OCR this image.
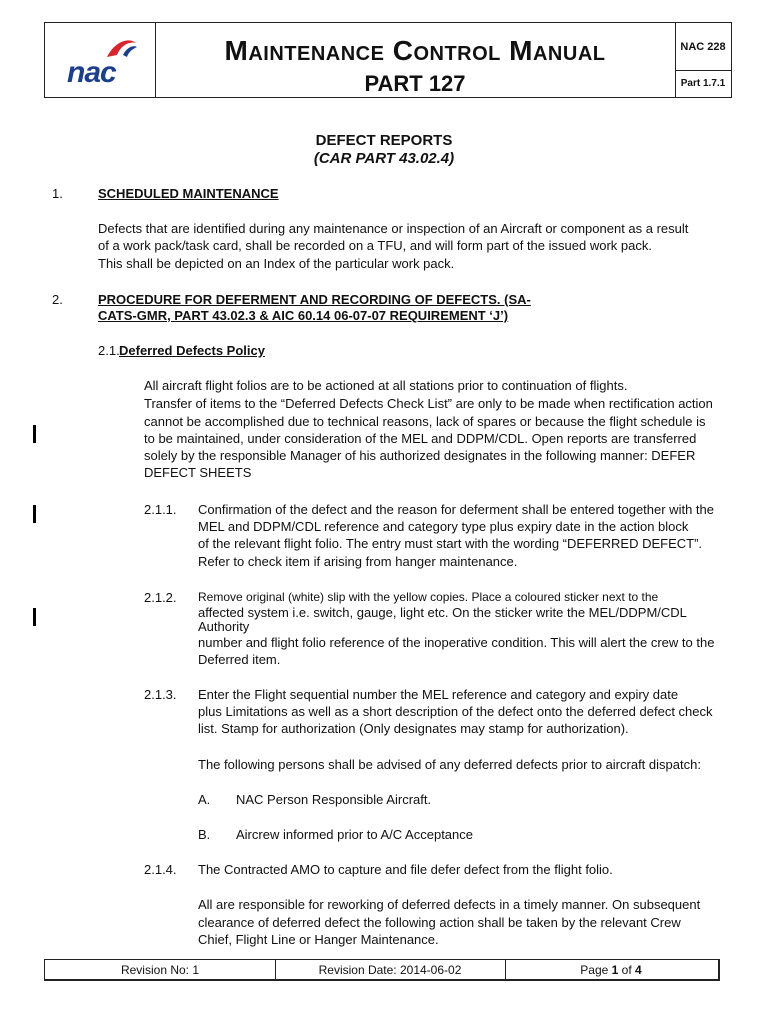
nac
Maintenance Control Manual
PART 127
NAC 228
Part 1.7.1
DEFECT REPORTS
(CAR PART 43.02.4)
1.	SCHEDULED MAINTENANCE
Defects that are identified during any maintenance or inspection of an Aircraft or component as a result
of a work pack/task card, shall be recorded on a TFU, and will form part of the issued work pack.
This shall be depicted on an Index of the particular work pack.
2.	PROCEDURE FOR DEFERMENT AND RECORDING OF DEFECTS. (SA-
CATS-GMR, PART 43.02.3 & AIC 60.14 06-07-07 REQUIREMENT ‘J’)
2.1. Deferred Defects Policy
All aircraft flight folios are to be actioned at all stations prior to continuation of flights.
Transfer of items to the “Deferred Defects Check List” are only to be made when rectification action
cannot be accomplished due to technical reasons, lack of spares or because the flight schedule is
to be maintained, under consideration of the MEL and DDPM/CDL. Open reports are transferred
solely by the responsible Manager of his authorized designates in the following manner: DEFER
DEFECT SHEETS
2.1.1. Confirmation of the defect and the reason for deferment shall be entered together with the
MEL and DDPM/CDL reference and category type plus expiry date in the action block
of the relevant flight folio. The entry must start with the wording “DEFERRED DEFECT”.
Refer to check item if arising from hanger maintenance.
2.1.2. Remove original (white) slip with the yellow copies. Place a coloured sticker next to the
affected system i.e. switch, gauge, light etc. On the sticker write the MEL/DDPM/CDL
Authority
number and flight folio reference of the inoperative condition. This will alert the crew to the
Deferred item.
2.1.3. Enter the Flight sequential number the MEL reference and category and expiry date
plus Limitations as well as a short description of the defect onto the deferred defect check
list. Stamp for authorization (Only designates may stamp for authorization).
The following persons shall be advised of any deferred defects prior to aircraft dispatch:
A. NAC Person Responsible Aircraft.
B. Aircrew informed prior to A/C Acceptance
2.1.4. The Contracted AMO to capture and file defer defect from the flight folio.
All are responsible for reworking of deferred defects in a timely manner. On subsequent
clearance of deferred defect the following action shall be taken by the relevant Crew
Chief, Flight Line or Hanger Maintenance.
Revision No: 1	Revision Date: 2014-06-02	Page 1 of 4
